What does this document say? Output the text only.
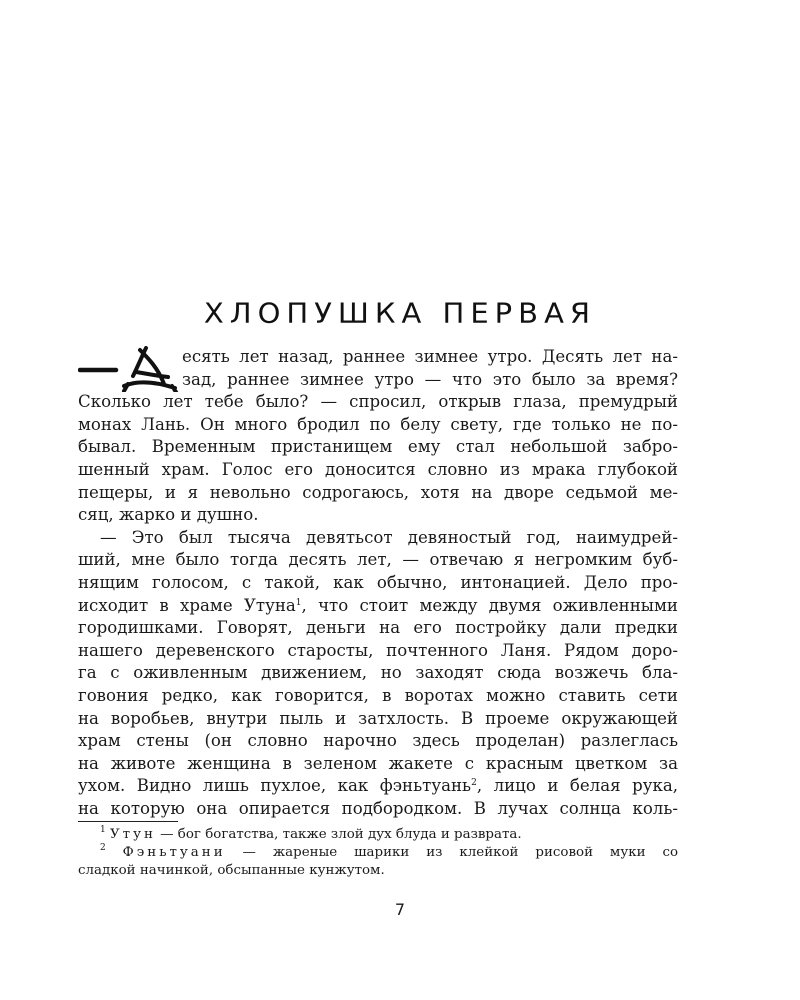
ХЛОПУШКА ПЕРВАЯ
есять лет назад, раннее зимнее утро. Десять лет на-
зад, раннее зимнее утро — что это было за время?
Сколько лет тебе было? — спросил, открыв глаза, премудрый
монах Лань. Он много бродил по белу свету, где только не по-
бывал. Временным пристанищем ему стал небольшой забро-
шенный храм. Голос его доносится словно из мрака глубокой
пещеры, и я невольно содрогаюсь, хотя на дворе седьмой ме-
сяц, жарко и душно.
— Это был тысяча девятьсот девяностый год, наимудрей-
ший, мне было тогда десять лет, — отвечаю я негромким буб-
нящим голосом, с такой, как обычно, интонацией. Дело про-
исходит в храме Утуна$^1$, что стоит между двумя оживленными
городишками. Говорят, деньги на его постройку дали предки
нашего деревенского старосты, почтенного Ланя. Рядом доро-
га с оживленным движением, но заходят сюда возжечь бла-
говония редко, как говорится, в воротах можно ставить сети
на воробьев, внутри пыль и затхлость. В проеме окружающей
храм стены (он словно нарочно здесь проделан) разлеглась
на животе женщина в зеленом жакете с красным цветком за
ухом. Видно лишь пухлое, как фэньтуань$^2$, лицо и белая рука,
на которую она опирается подбородком. В лучах солнца коль-
$^1$ Утун — бог богатства, также злой дух блуда и разврата.
$^2$ Фэньтуани — жареные шарики из клейкой рисовой муки со
сладкой начинкой, обсыпанные кунжутом.
7
